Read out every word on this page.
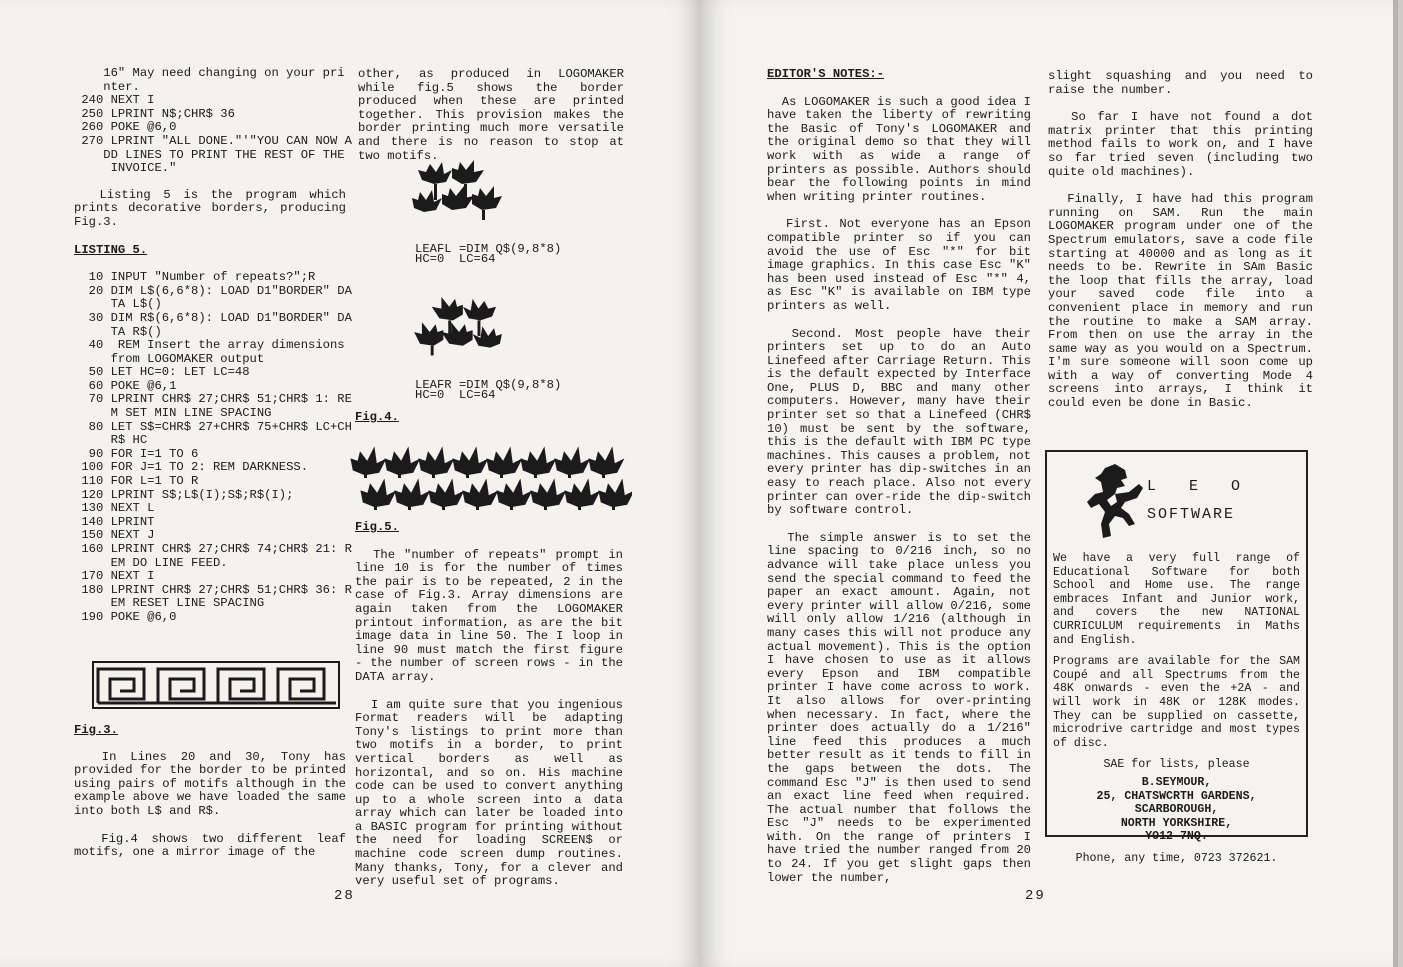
16" May need changing on your pri
nter.
240 NEXT I
250 LPRINT N$;CHR$ 36
260 POKE @6,0
270 LPRINT "ALL DONE."'"YOU CAN NOW A
DD LINES TO PRINT THE REST OF THE
INVOICE."

Listing 5 is the program which prints decorative borders, producing Fig.3.

LISTING 5.

10 INPUT "Number of repeats?";R
20 DIM L$(6,6*8): LOAD D1"BORDER" DA
TA L$()
30 DIM R$(6,6*8): LOAD D1"BORDER" DA
TA R$()
40  REM Insert the array dimensions
from LOGOMAKER output
50 LET HC=0: LET LC=48
60 POKE @6,1
70 LPRINT CHR$ 27;CHR$ 51;CHR$ 1: RE
M SET MIN LINE SPACING
80 LET S$=CHR$ 27+CHR$ 75+CHR$ LC+CH
R$ HC
90 FOR I=1 TO 6
100 FOR J=1 TO 2: REM DARKNESS.
110 FOR L=1 TO R
120 LPRINT S$;L$(I);S$;R$(I);
130 NEXT L
140 LPRINT
150 NEXT J
160 LPRINT CHR$ 27;CHR$ 74;CHR$ 21: R
EM DO LINE FEED.
170 NEXT I
180 LPRINT CHR$ 27;CHR$ 51;CHR$ 36: R
EM RESET LINE SPACING
190 POKE @6,0

Fig.3.

In Lines 20 and 30, Tony has provided for the border to be printed using pairs of motifs although in the example above we have loaded the same into both L$ and R$.

Fig.4 shows two different leaf motifs, one a mirror image of the

other, as produced in LOGOMAKER while fig.5 shows the border produced when these are printed together. This provision makes the border printing much more versatile and there is no reason to stop at two motifs.

LEAFL =DIM Q$(9,8*8)
HC=0  LC=64
LEAFR =DIM Q$(9,8*8)
HC=0  LC=64

Fig.4.

Fig.5.

The "number of repeats" prompt in line 10 is for the number of times the pair is to be repeated, 2 in the case of Fig.3. Array dimensions are again taken from the LOGOMAKER printout information, as are the bit image data in line 50. The I loop in line 90 must match the first figure - the number of screen rows - in the DATA array.

I am quite sure that you ingenious Format readers will be adapting Tony's listings to print more than two motifs in a border, to print vertical borders as well as horizontal, and so on. His machine code can be used to convert anything up to a whole screen into a data array which can later be loaded into a BASIC program for printing without the need for loading SCREEN$ or machine code screen dump routines. Many thanks, Tony, for a clever and very useful set of programs.

28

EDITOR'S NOTES:-

As LOGOMAKER is such a good idea I have taken the liberty of rewriting the Basic of Tony's LOGOMAKER and the original demo so that they will work with as wide a range of printers as possible. Authors should bear the following points in mind when writing printer routines.

First. Not everyone has an Epson compatible printer so if you can avoid the use of Esc "*" for bit image graphics. In this case Esc "K" has been used instead of Esc "*" 4, as Esc "K" is available on IBM type printers as well.

Second. Most people have their printers set up to do an Auto Linefeed after Carriage Return. This is the default expected by Interface One, PLUS D, BBC and many other computers. However, many have their printer set so that a Linefeed (CHR$ 10) must be sent by the software, this is the default with IBM PC type machines. This causes a problem, not every printer has dip-switches in an easy to reach place. Also not every printer can over-ride the dip-switch by software control.

The simple answer is to set the line spacing to 0/216 inch, so no advance will take place unless you send the special command to feed the paper an exact amount. Again, not every printer will allow 0/216, some will only allow 1/216 (although in many cases this will not produce any actual movement). This is the option I have chosen to use as it allows every Epson and IBM compatible printer I have come across to work. It also allows for over-printing when necessary. In fact, where the printer does actually do a 1/216" line feed this produces a much better result as it tends to fill in the gaps between the dots. The command Esc "J" is then used to send an exact line feed when required. The actual number that follows the Esc "J" needs to be experimented with. On the range of printers I have tried the number ranged from 20 to 24. If you get slight gaps then lower the number,

slight squashing and you need to raise the number.

So far I have not found a dot matrix printer that this printing method fails to work on, and I have so far tried seven (including two quite old machines).

Finally, I have had this program running on SAM. Run the main LOGOMAKER program under one of the Spectrum emulators, save a code file starting at 40000 and as long as it needs to be. Rewrite in SAm Basic the loop that fills the array, load your saved code file into a convenient place in memory and run the routine to make a SAM array. From then on use the array in the same way as you would on a Spectrum. I'm sure someone will soon come up with a way of converting Mode 4 screens into arrays, I think it could even be done in Basic.

29
L E O
SOFTWARE

We have a very full range of Educational Software for both School and Home use. The range embraces Infant and Junior work, and covers the new NATIONAL CURRICULUM requirements in Maths and English.

Programs are available for the SAM Coupé and all Spectrums from the 48K onwards - even the +2A - and will work in 48K or 128K modes. They can be supplied on cassette, microdrive cartridge and most types of disc.

SAE for lists, please
B.SEYMOUR,
25, CHATSWCRTH GARDENS,
SCARBOROUGH,
NORTH YORKSHIRE,
YO12 7NQ.
Phone, any time, 0723 372621.
